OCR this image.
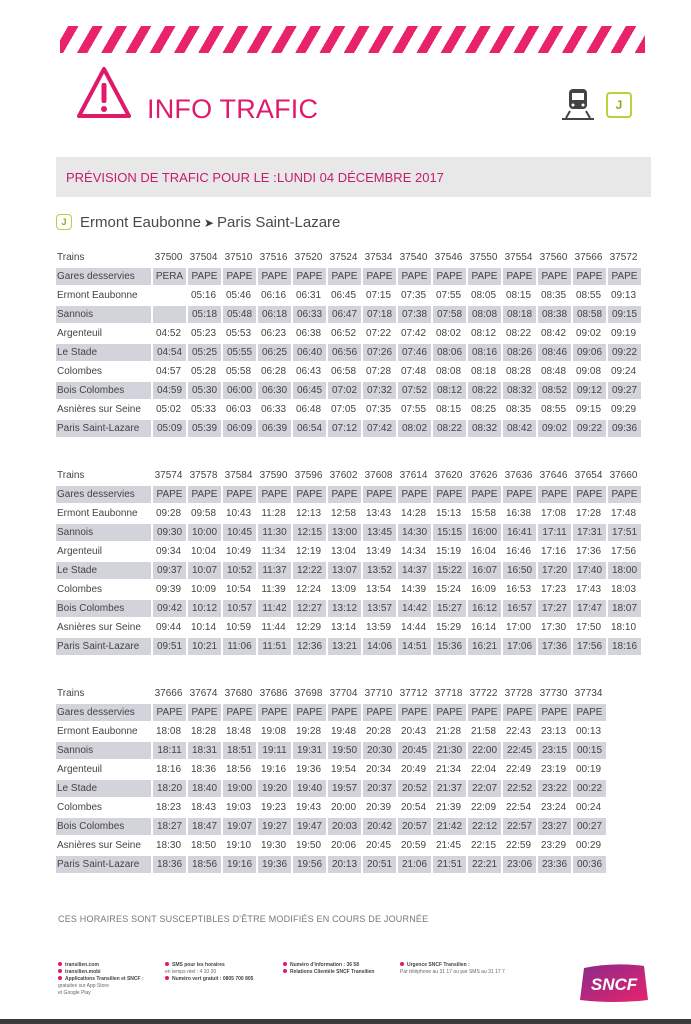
INFO TRAFIC	J
PRÉVISION DE TRAFIC POUR LE : LUNDI 04 DÉCEMBRE 2017
J Ermont Eaubonne ➤ Paris Saint-Lazare
Trains	37500	37504	37510	37516	37520	37524	37534	37540	37546	37550	37554	37560	37566	37572
Gares desservies	PERA	PAPE	PAPE	PAPE	PAPE	PAPE	PAPE	PAPE	PAPE	PAPE	PAPE	PAPE	PAPE	PAPE
Ermont Eaubonne		05:16	05:46	06:16	06:31	06:45	07:15	07:35	07:55	08:05	08:15	08:35	08:55	09:13
Sannois		05:18	05:48	06:18	06:33	06:47	07:18	07:38	07:58	08:08	08:18	08:38	08:58	09:15
Argenteuil	04:52	05:23	05:53	06:23	06:38	06:52	07:22	07:42	08:02	08:12	08:22	08:42	09:02	09:19
Le Stade	04:54	05:25	05:55	06:25	06:40	06:56	07:26	07:46	08:06	08:16	08:26	08:46	09:06	09:22
Colombes	04:57	05:28	05:58	06:28	06:43	06:58	07:28	07:48	08:08	08:18	08:28	08:48	09:08	09:24
Bois Colombes	04:59	05:30	06:00	06:30	06:45	07:02	07:32	07:52	08:12	08:22	08:32	08:52	09:12	09:27
Asnières sur Seine	05:02	05:33	06:03	06:33	06:48	07:05	07:35	07:55	08:15	08:25	08:35	08:55	09:15	09:29
Paris Saint-Lazare	05:09	05:39	06:09	06:39	06:54	07:12	07:42	08:02	08:22	08:32	08:42	09:02	09:22	09:36
Trains	37574	37578	37584	37590	37596	37602	37608	37614	37620	37626	37636	37646	37654	37660
Gares desservies	PAPE	PAPE	PAPE	PAPE	PAPE	PAPE	PAPE	PAPE	PAPE	PAPE	PAPE	PAPE	PAPE	PAPE
Ermont Eaubonne	09:28	09:58	10:43	11:28	12:13	12:58	13:43	14:28	15:13	15:58	16:38	17:08	17:28	17:48
Sannois	09:30	10:00	10:45	11:30	12:15	13:00	13:45	14:30	15:15	16:00	16:41	17:11	17:31	17:51
Argenteuil	09:34	10:04	10:49	11:34	12:19	13:04	13:49	14:34	15:19	16:04	16:46	17:16	17:36	17:56
Le Stade	09:37	10:07	10:52	11:37	12:22	13:07	13:52	14:37	15:22	16:07	16:50	17:20	17:40	18:00
Colombes	09:39	10:09	10:54	11:39	12:24	13:09	13:54	14:39	15:24	16:09	16:53	17:23	17:43	18:03
Bois Colombes	09:42	10:12	10:57	11:42	12:27	13:12	13:57	14:42	15:27	16:12	16:57	17:27	17:47	18:07
Asnières sur Seine	09:44	10:14	10:59	11:44	12:29	13:14	13:59	14:44	15:29	16:14	17:00	17:30	17:50	18:10
Paris Saint-Lazare	09:51	10:21	11:06	11:51	12:36	13:21	14:06	14:51	15:36	16:21	17:06	17:36	17:56	18:16
Trains	37666	37674	37680	37686	37698	37704	37710	37712	37718	37722	37728	37730	37734
Gares desservies	PAPE	PAPE	PAPE	PAPE	PAPE	PAPE	PAPE	PAPE	PAPE	PAPE	PAPE	PAPE	PAPE
Ermont Eaubonne	18:08	18:28	18:48	19:08	19:28	19:48	20:28	20:43	21:28	21:58	22:43	23:13	00:13
Sannois	18:11	18:31	18:51	19:11	19:31	19:50	20:30	20:45	21:30	22:00	22:45	23:15	00:15
Argenteuil	18:16	18:36	18:56	19:16	19:36	19:54	20:34	20:49	21:34	22:04	22:49	23:19	00:19
Le Stade	18:20	18:40	19:00	19:20	19:40	19:57	20:37	20:52	21:37	22:07	22:52	23:22	00:22
Colombes	18:23	18:43	19:03	19:23	19:43	20:00	20:39	20:54	21:39	22:09	22:54	23:24	00:24
Bois Colombes	18:27	18:47	19:07	19:27	19:47	20:03	20:42	20:57	21:42	22:12	22:57	23:27	00:27
Asnières sur Seine	18:30	18:50	19:10	19:30	19:50	20:06	20:45	20:59	21:45	22:15	22:59	23:29	00:29
Paris Saint-Lazare	18:36	18:56	19:16	19:36	19:56	20:13	20:51	21:06	21:51	22:21	23:06	23:36	00:36
CES HORAIRES SONT SUSCEPTIBLES D'ÊTRE MODIFIÉS EN COURS DE JOURNÉE
transilien.com
transilien.mobi
Applications Transilien et SNCF :
gratuites sur App Store
et Google Play
SMS pour les horaires
en temps réel : 4 10 20
Numéro vert gratuit : 0805 700 805
Numéro d'information : 36 58
Relations Clientèle SNCF Transilien
Urgence SNCF Transilien :
Par téléphone au 31 17 ou par SMS au 31 17 7
SNCF
